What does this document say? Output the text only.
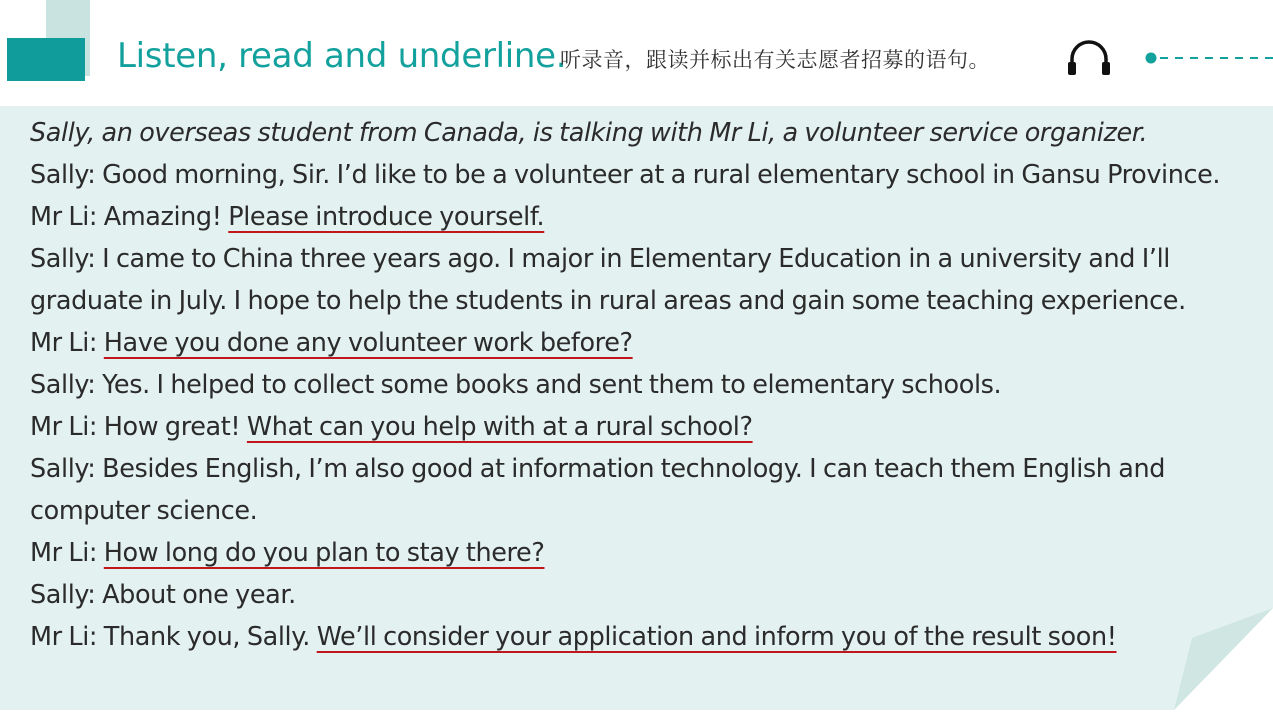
Listen, read and underline.
听录音，跟读并标出有关志愿者招募的语句。
Sally, an overseas student from Canada, is talking with Mr Li, a volunteer service organizer.
Sally: Good morning, Sir. I’d like to be a volunteer at a rural elementary school in Gansu Province.
Mr Li: Amazing! Please introduce yourself.
Sally: I came to China three years ago. I major in Elementary Education in a university and I’ll
graduate in July. I hope to help the students in rural areas and gain some teaching experience.
Mr Li: Have you done any volunteer work before?
Sally: Yes. I helped to collect some books and sent them to elementary schools.
Mr Li: How great! What can you help with at a rural school?
Sally: Besides English, I’m also good at information technology. I can teach them English and
computer science.
Mr Li: How long do you plan to stay there?
Sally: About one year.
Mr Li: Thank you, Sally. We’ll consider your application and inform you of the result soon!
